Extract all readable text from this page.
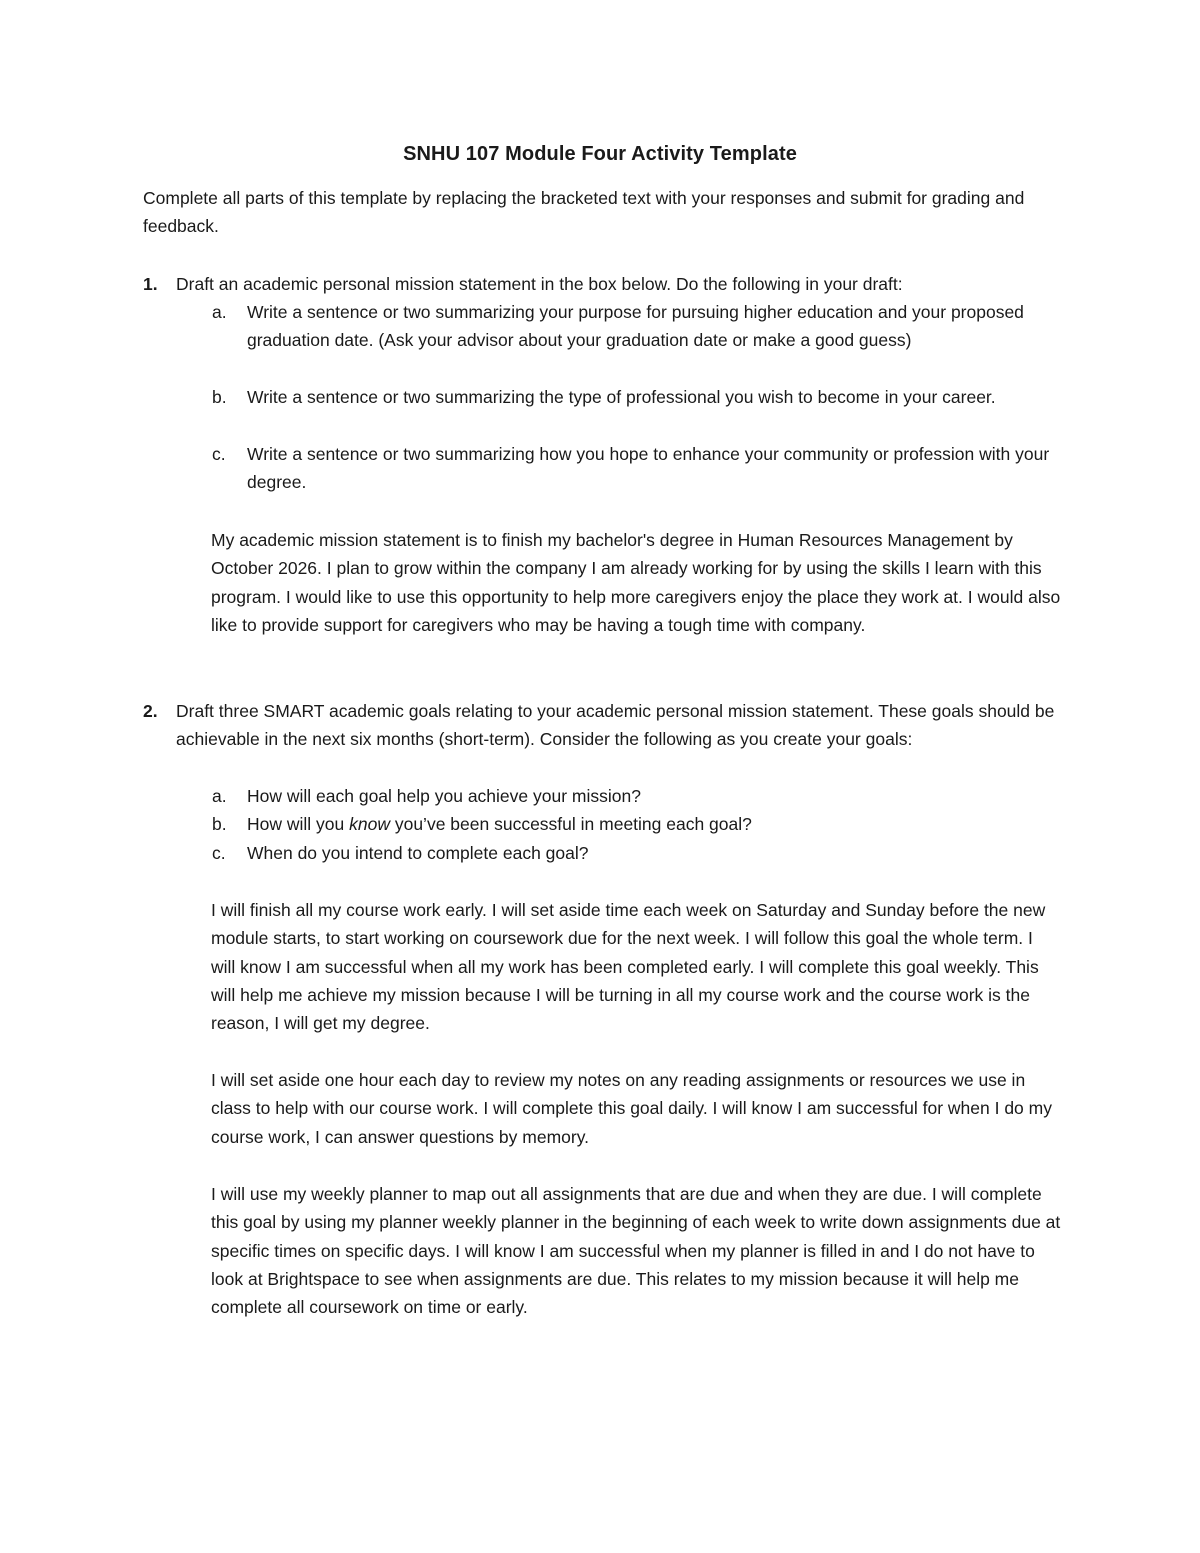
SNHU 107 Module Four Activity Template

Complete all parts of this template by replacing the bracketed text with your responses and submit for grading and feedback.

1. Draft an academic personal mission statement in the box below. Do the following in your draft:

a. Write a sentence or two summarizing your purpose for pursuing higher education and your proposed graduation date. (Ask your advisor about your graduation date or make a good guess)

b. Write a sentence or two summarizing the type of professional you wish to become in your career.

c. Write a sentence or two summarizing how you hope to enhance your community or profession with your degree.

My academic mission statement is to finish my bachelor's degree in Human Resources Management by October 2026. I plan to grow within the company I am already working for by using the skills I learn with this program. I would like to use this opportunity to help more caregivers enjoy the place they work at. I would also like to provide support for caregivers who may be having a tough time with company.

2. Draft three SMART academic goals relating to your academic personal mission statement. These goals should be achievable in the next six months (short-term). Consider the following as you create your goals:

a. How will each goal help you achieve your mission?

b. How will you know you’ve been successful in meeting each goal?

c. When do you intend to complete each goal?

I will finish all my course work early. I will set aside time each week on Saturday and Sunday before the new module starts, to start working on coursework due for the next week. I will follow this goal the whole term. I will know I am successful when all my work has been completed early. I will complete this goal weekly. This will help me achieve my mission because I will be turning in all my course work and the course work is the reason, I will get my degree.

I will set aside one hour each day to review my notes on any reading assignments or resources we use in class to help with our course work. I will complete this goal daily. I will know I am successful for when I do my course work, I can answer questions by memory.

I will use my weekly planner to map out all assignments that are due and when they are due. I will complete this goal by using my planner weekly planner in the beginning of each week to write down assignments due at specific times on specific days. I will know I am successful when my planner is filled in and I do not have to look at Brightspace to see when assignments are due. This relates to my mission because it will help me complete all coursework on time or early.
